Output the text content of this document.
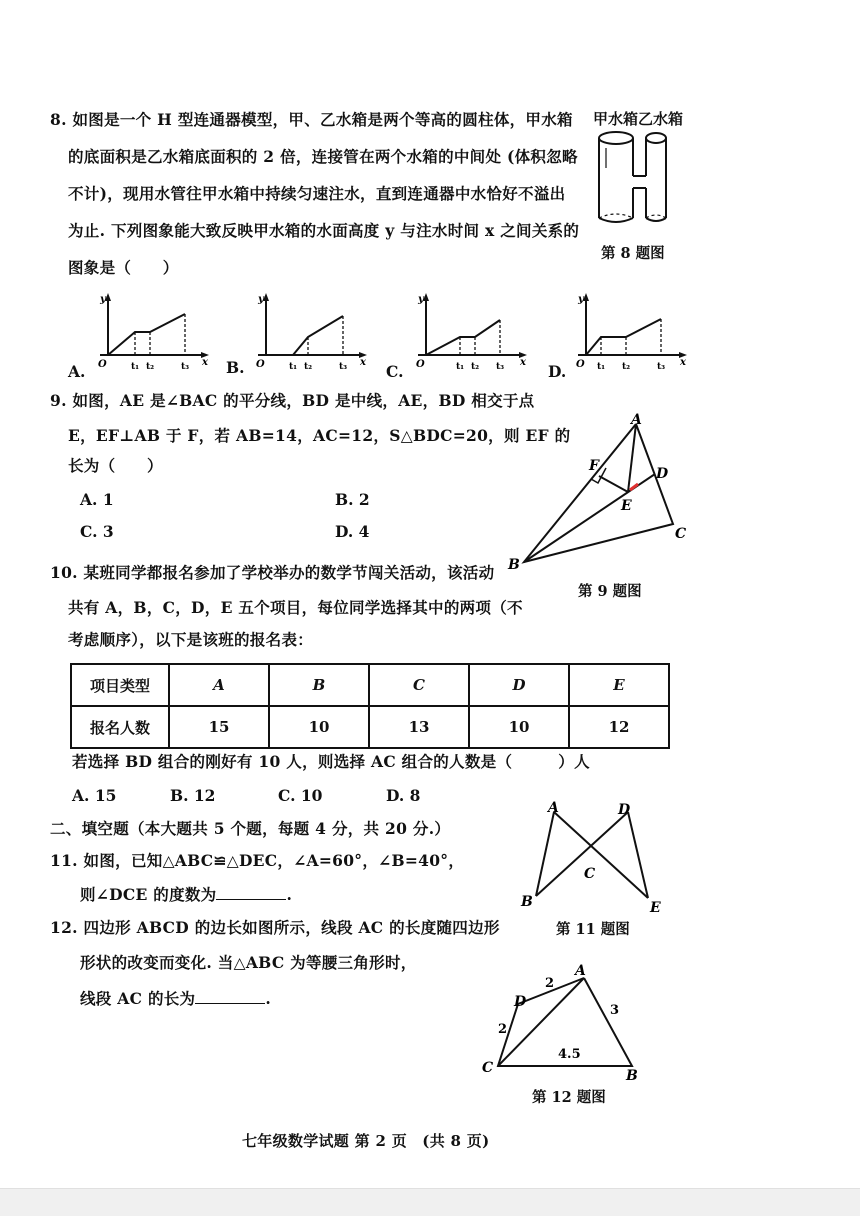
8. 如图是一个 H 型连通器模型，甲、乙水箱是两个等高的圆柱体，甲水箱
的底面积是乙水箱底面积的 2 倍，连接管在两个水箱的中间处 (体积忽略
不计)，现用水管往甲水箱中持续匀速注水，直到连通器中水恰好不溢出
为止. 下列图象能大致反映甲水箱的水面高度 y 与注水时间 x 之间关系的
图象是（　　）
甲水箱乙水箱
第 8 题图
A.
y
x
O	t₁ t₂	t₃ B.
y
x
O	t₁ t₂	t₃	C.
y
x
O	t₁ t₂ t₃	D.
y
x
O t₁ t₂	t₃
9. 如图，AE 是∠BAC 的平分线，BD 是中线，AE，BD 相交于点
E，EF⊥AB 于 F，若 AB=14，AC=12，S△BDC=20，则 EF 的
长为（　　）
A. 1	B. 2
C. 3	D. 4
A
B
C
D
E
F
第 9 题图
10. 某班同学都报名参加了学校举办的数学节闯关活动，该活动
共有 A，B，C，D，E 五个项目，每位同学选择其中的两项（不
考虑顺序），以下是该班的报名表：
项目类型	A	B	C	D	E
报名人数	15	10	13	10	12
若选择 BD 组合的刚好有 10 人，则选择 AC 组合的人数是（	）人
A. 15	B. 12	C. 10	D. 8
二、填空题（本大题共 5 个题，每题 4 分，共 20 分.）
11. 如图，已知△ABC≌△DEC，∠A=60°，∠B=40°，
则∠DCE 的度数为	.
A
B
C
D
E
第 11 题图
12. 四边形 ABCD 的边长如图所示，线段 AC 的长度随四边形
形状的改变而变化. 当△ABC 为等腰三角形时，
线段 AC 的长为	.
A
B
C
D
2
2
3
4.5
第 12 题图
七年级数学试题 第 2 页　(共 8 页)
